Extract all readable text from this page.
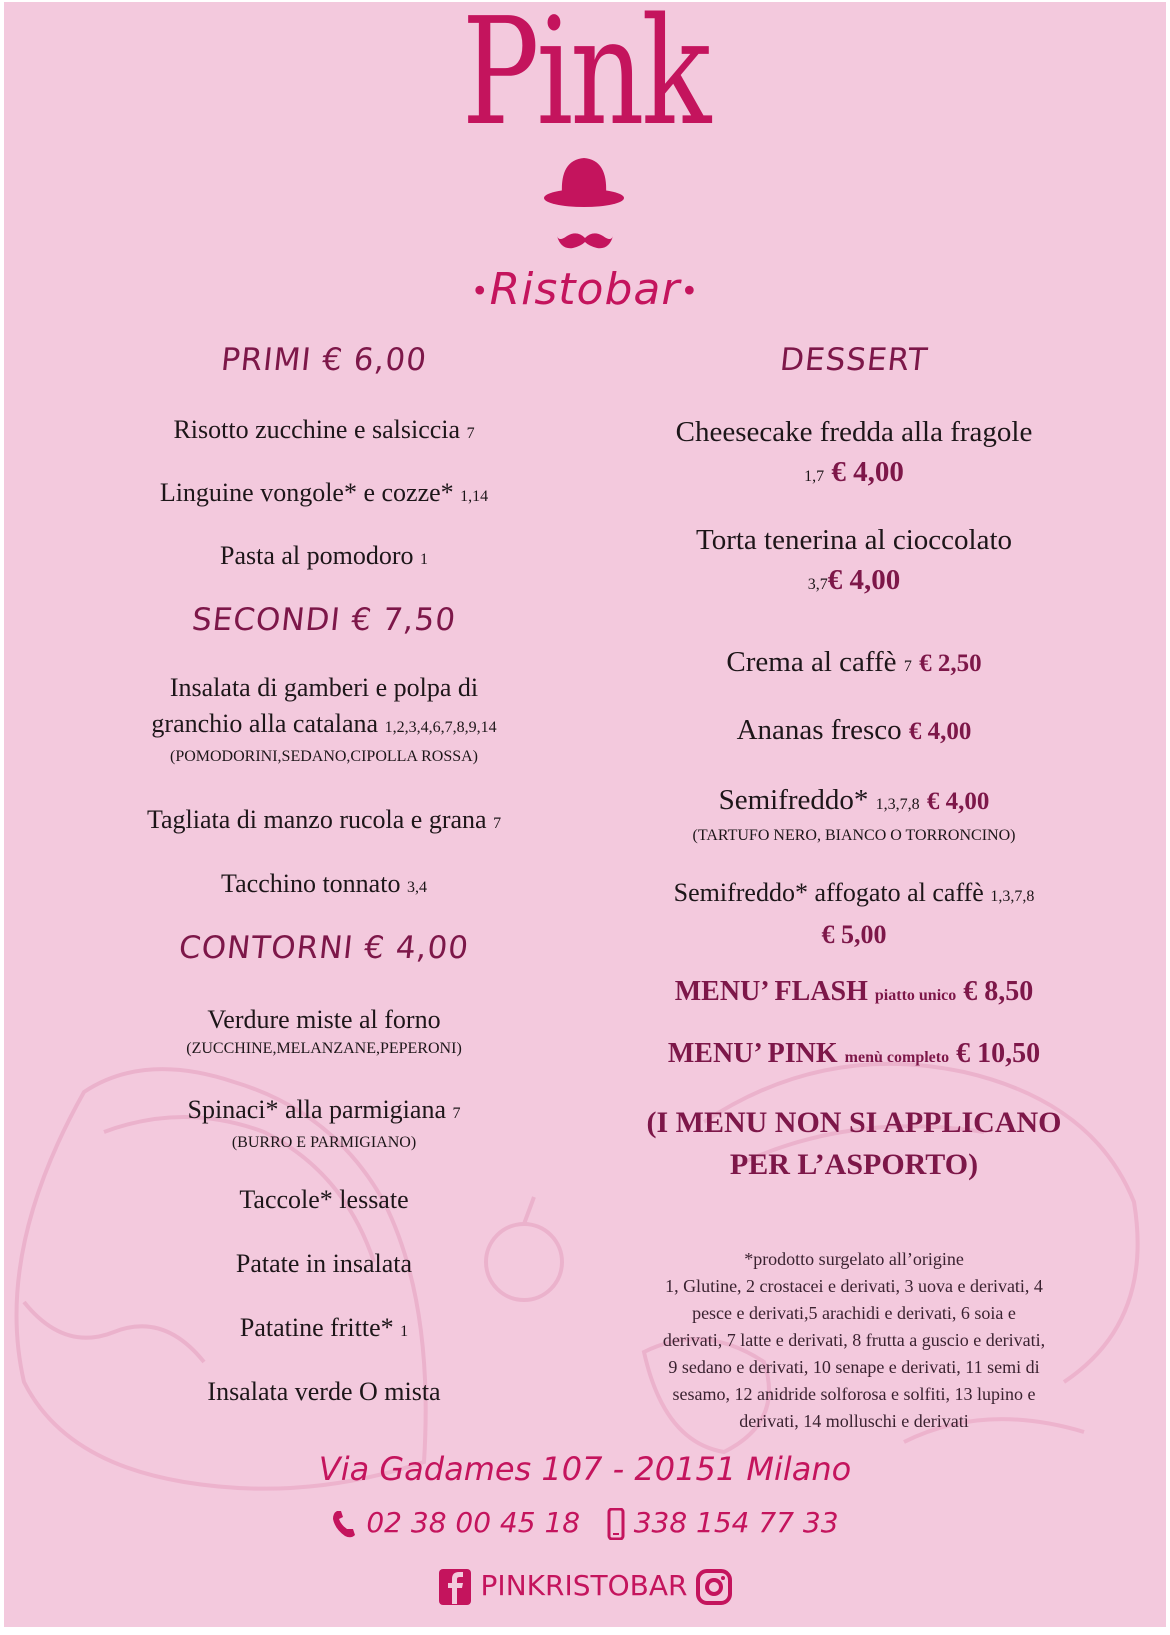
Pink
•Ristobar•
PRIMI € 6,00
Risotto zucchine e salsiccia 7
Linguine vongole* e cozze* 1,14
Pasta al pomodoro 1
SECONDI € 7,50
Insalata di gamberi e polpa di
granchio alla catalana 1,2,3,4,6,7,8,9,14
(POMODORINI,SEDANO,CIPOLLA ROSSA)
Tagliata di manzo rucola e grana 7
Tacchino tonnato 3,4
CONTORNI € 4,00
Verdure miste al forno
(ZUCCHINE,MELANZANE,PEPERONI)
Spinaci* alla parmigiana 7
(BURRO E PARMIGIANO)
Taccole* lessate
Patate in insalata
Patatine fritte* 1
Insalata verde O mista
DESSERT
Cheesecake fredda alla fragole
1,7 € 4,00
Torta tenerina al cioccolato
3,7€ 4,00
Crema al caffè 7 € 2,50
Ananas fresco € 4,00
Semifreddo* 1,3,7,8 € 4,00
(TARTUFO NERO, BIANCO O TORRONCINO)
Semifreddo* affogato al caffè 1,3,7,8
€ 5,00
MENU’ FLASH piatto unico € 8,50
MENU’ PINK menù completo € 10,50
(I MENU NON SI APPLICANO
PER L’ASPORTO)
*prodotto surgelato all’origine
1, Glutine, 2 crostacei e derivati, 3 uova e derivati, 4
pesce e derivati,5 arachidi e derivati, 6 soia e
derivati, 7 latte e derivati, 8 frutta a guscio e derivati,
9 sedano e derivati, 10 senape e derivati, 11 semi di
sesamo, 12 anidride solforosa e solfiti, 13 lupino e
derivati, 14 molluschi e derivati
Via Gadames 107 - 20151 Milano
02 38 00 45 18 338 154 77 33
PINKRISTOBAR
